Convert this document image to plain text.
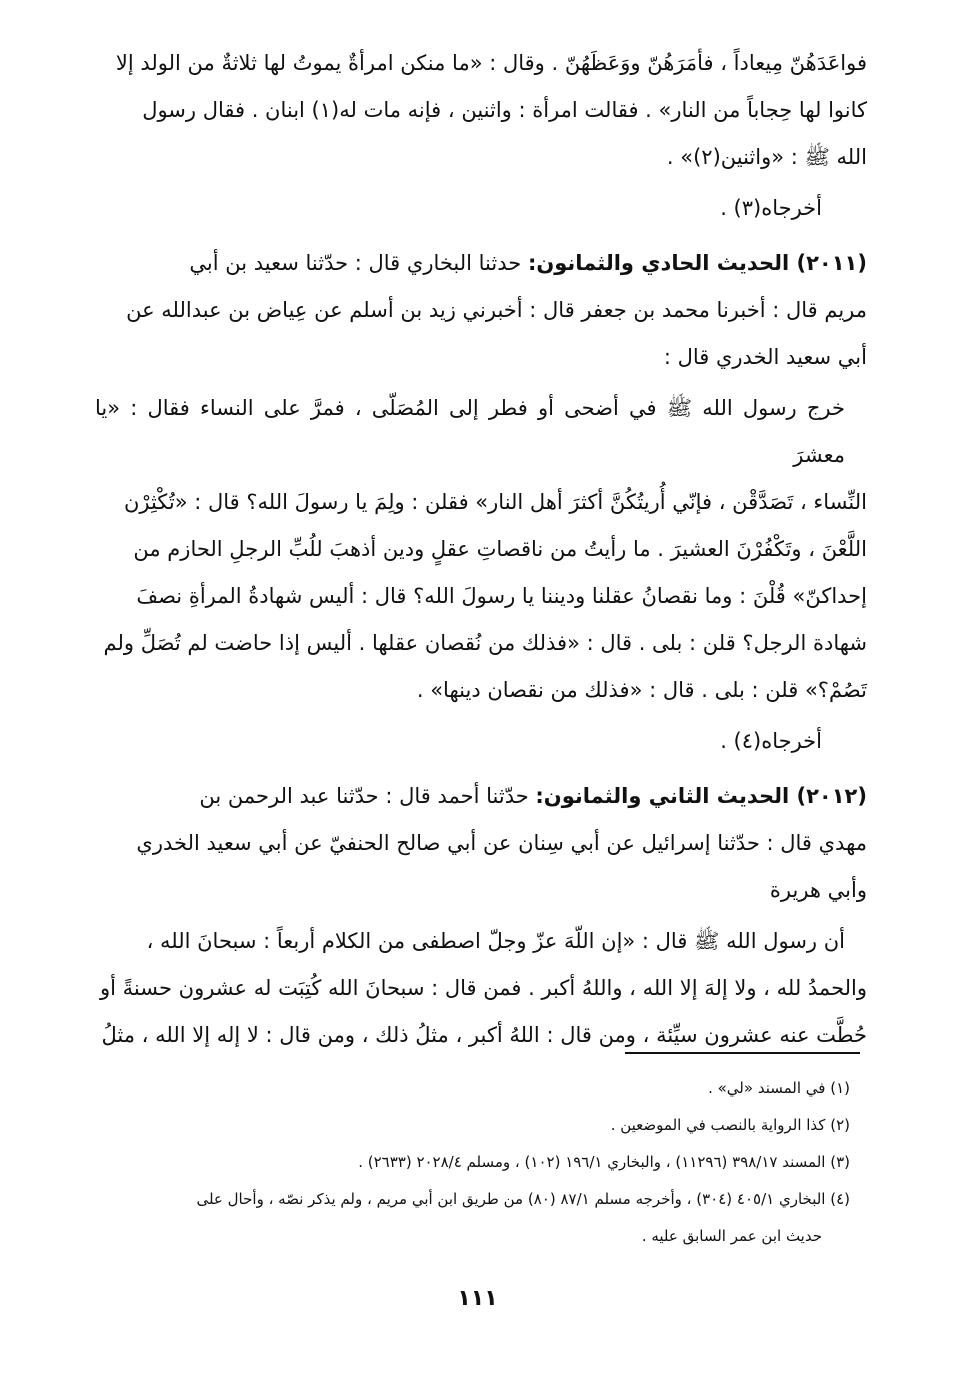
فواعَدَهُنّ مِيعاداً ، فأمَرَهُنّ ووَعَظَهُنّ . وقال : «ما منكن امرأةٌ يموتُ لها ثلاثةٌ من الولد إلا

كانوا لها حِجاباً من النار» . فقالت امرأة : واثنين ، فإنه مات له(١) ابنان . فقال رسول

الله ﷺ : «واثنين(٢)» .

أخرجاه(٣) .

(٢٠١١) الحديث الحادي والثمانون: حدثنا البخاري قال : حدّثنا سعيد بن أبي

مريم قال : أخبرنا محمد بن جعفر قال : أخبرني زيد بن أسلم عن عِياض بن عبدالله عن

أبي سعيد الخدري قال :

خرج رسول الله ﷺ في أضحى أو فطر إلى المُصَلّى ، فمرَّ على النساء فقال : «يا معشرَ

النِّساء ، تَصَدَّقْن ، فإنّي أُريتُكُنَّ أكثرَ أهل النار» فقلن : ولِمَ يا رسولَ الله؟ قال : «تُكْثِرْن

اللَّعْنَ ، وتَكْفُرْنَ العشيرَ . ما رأيتُ من ناقصاتِ عقلٍ ودين أذهبَ للُبِّ الرجلِ الحازم من

إحداكنّ» قُلْنَ : وما نقصانُ عقلنا وديننا يا رسولَ الله؟ قال : أليس شهادةُ المرأةِ نصفَ

شهادة الرجل؟ قلن : بلى . قال : «فذلك من نُقصان عقلها . أليس إذا حاضت لم تُصَلِّ ولم

تَصُمْ؟» قلن : بلى . قال : «فذلك من نقصان دينها» .

أخرجاه(٤) .

(٢٠١٢) الحديث الثاني والثمانون: حدّثنا أحمد قال : حدّثنا عبد الرحمن بن

مهدي قال : حدّثنا إسرائيل عن أبي سِنان عن أبي صالح الحنفيّ عن أبي سعيد الخدري

وأبي هريرة

أن رسول الله ﷺ قال : «إن اللّهَ عزّ وجلّ اصطفى من الكلام أربعاً : سبحانَ الله ،

والحمدُ لله ، ولا إلهَ إلا الله ، واللهُ أكبر . فمن قال : سبحانَ الله كُتِبَت له عشرون حسنةً أو

حُطَّت عنه عشرون سيِّئة ، ومن قال : اللهُ أكبر ، مثلُ ذلك ، ومن قال : لا إله إلا الله ، مثلُ

(١) في المسند «لي» .

(٢) كذا الرواية بالنصب في الموضعين .

(٣) المسند ٣٩٨/١٧ (١١٢٩٦) ، والبخاري ١٩٦/١ (١٠٢) ، ومسلم ٢٠٢٨/٤ (٢٦٣٣) .

(٤) البخاري ٤٠٥/١ (٣٠٤) ، وأخرجه مسلم ٨٧/١ (٨٠) من طريق ابن أبي مريم ، ولم يذكر نصّه ، وأحال على

حديث ابن عمر السابق عليه .

١١١
